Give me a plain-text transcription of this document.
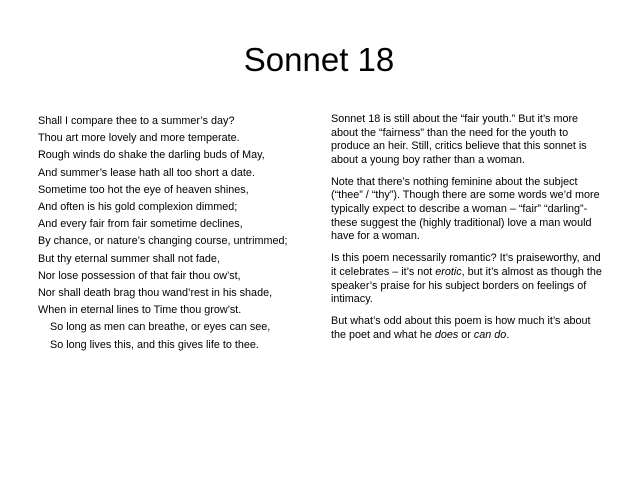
Sonnet 18
Shall I compare thee to a summer’s day?
Thou art more lovely and more temperate.
Rough winds do shake the darling buds of May,
And summer’s lease hath all too short a date.
Sometime too hot the eye of heaven shines,
And often is his gold complexion dimmed;
And every fair from fair sometime declines,
By chance, or nature’s changing course, untrimmed;
But thy eternal summer shall not fade,
Nor lose possession of that fair thou ow’st,
Nor shall death brag thou wand’rest in his shade,
When in eternal lines to Time thou grow’st.
So long as men can breathe, or eyes can see,
So long lives this, and this gives life to thee.

Sonnet 18 is still about the “fair youth.” But it’s more about the “fairness” than the need for the youth to produce an heir. Still, critics believe that this sonnet is about a young boy rather than a woman.

Note that there’s nothing feminine about the subject (“thee” / “thy”). Though there are some words we’d more typically expect to describe a woman – “fair” “darling”- these suggest the (highly traditional) love a man would have for a woman.

Is this poem necessarily romantic? It’s praiseworthy, and it celebrates – it’s not erotic, but it’s almost as though the speaker’s praise for his subject borders on feelings of intimacy.

But what’s odd about this poem is how much it’s about the poet and what he does or can do.
